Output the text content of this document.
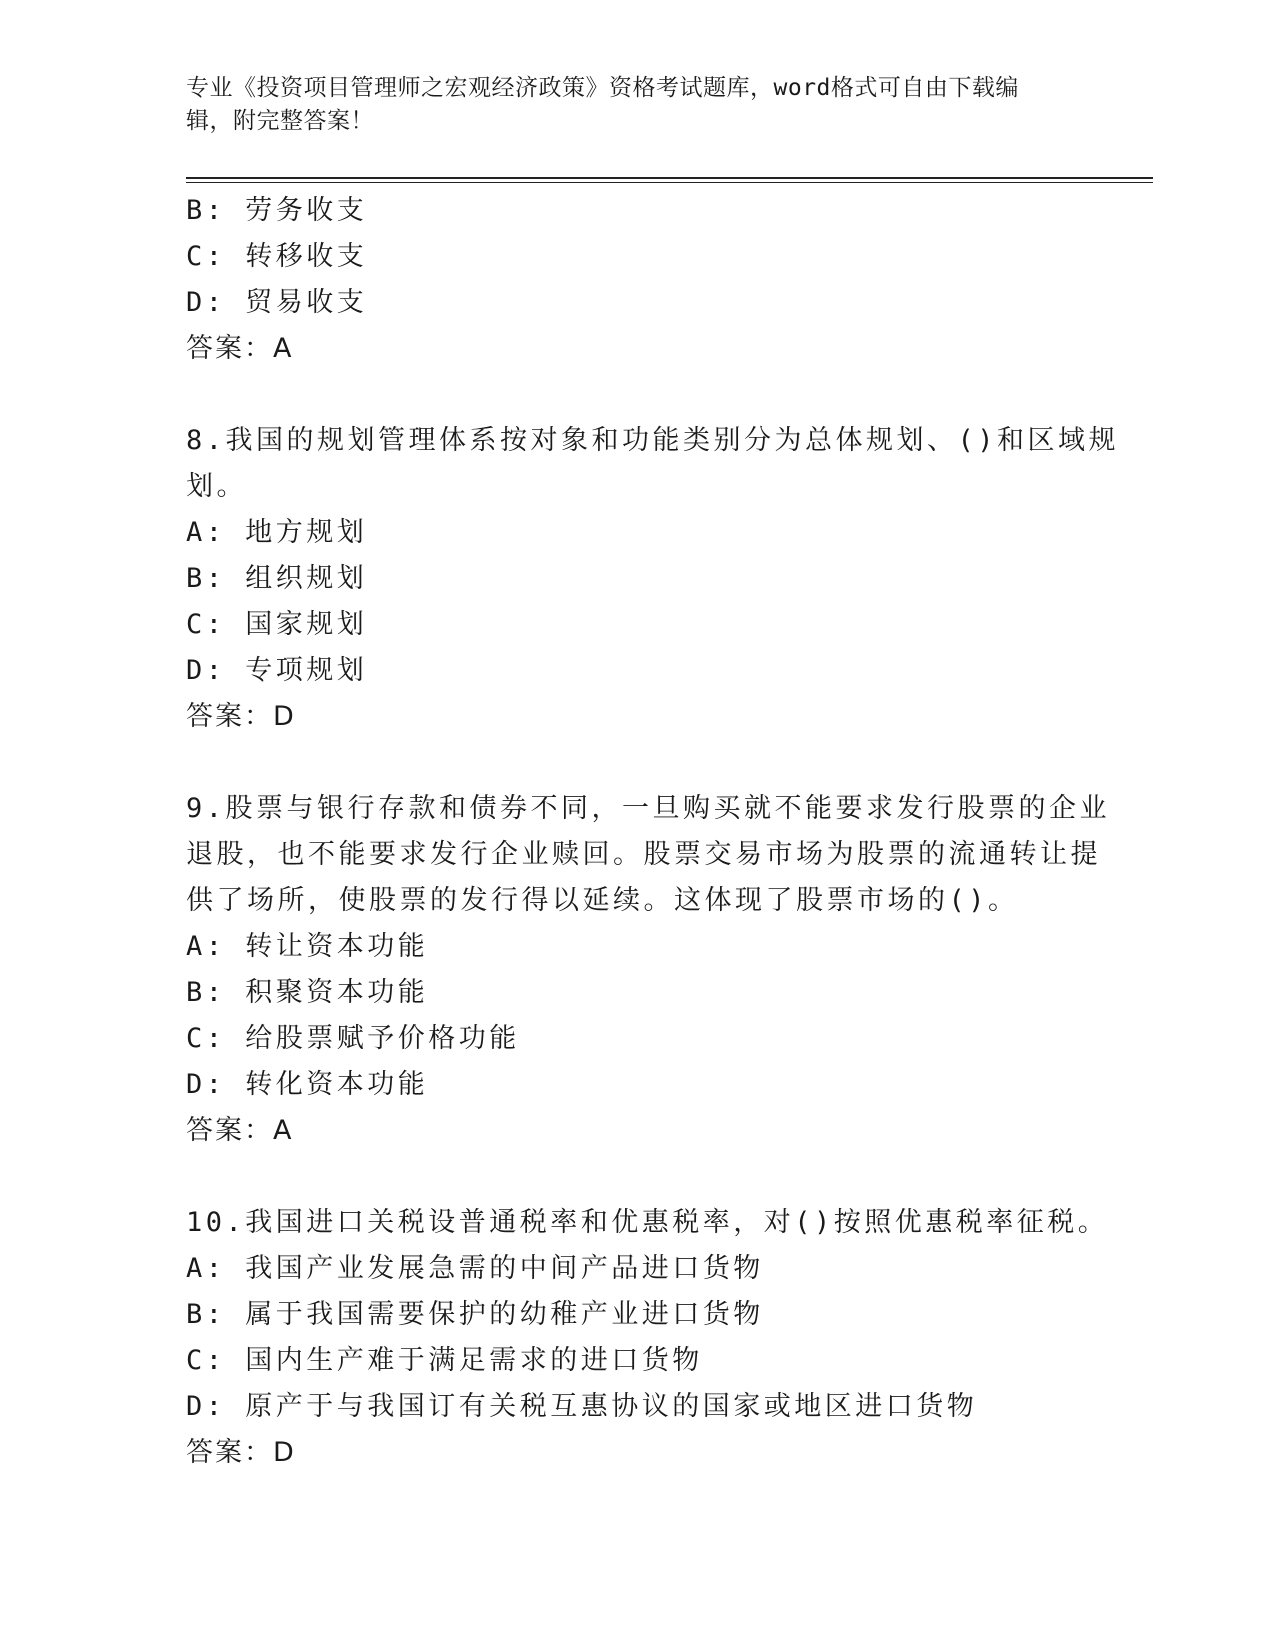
专业《投资项目管理师之宏观经济政策》资格考试题库，word格式可自由下载编
辑，附完整答案！
B: 劳务收支
C: 转移收支
D: 贸易收支
答案：A
8.我国的规划管理体系按对象和功能类别分为总体规划、()和区域规
划。
A: 地方规划
B: 组织规划
C: 国家规划
D: 专项规划
答案：D
9.股票与银行存款和债券不同，一旦购买就不能要求发行股票的企业
退股，也不能要求发行企业赎回。股票交易市场为股票的流通转让提
供了场所，使股票的发行得以延续。这体现了股票市场的()。
A: 转让资本功能
B: 积聚资本功能
C: 给股票赋予价格功能
D: 转化资本功能
答案：A
10.我国进口关税设普通税率和优惠税率，对()按照优惠税率征税。
A: 我国产业发展急需的中间产品进口货物
B: 属于我国需要保护的幼稚产业进口货物
C: 国内生产难于满足需求的进口货物
D: 原产于与我国订有关税互惠协议的国家或地区进口货物
答案：D
